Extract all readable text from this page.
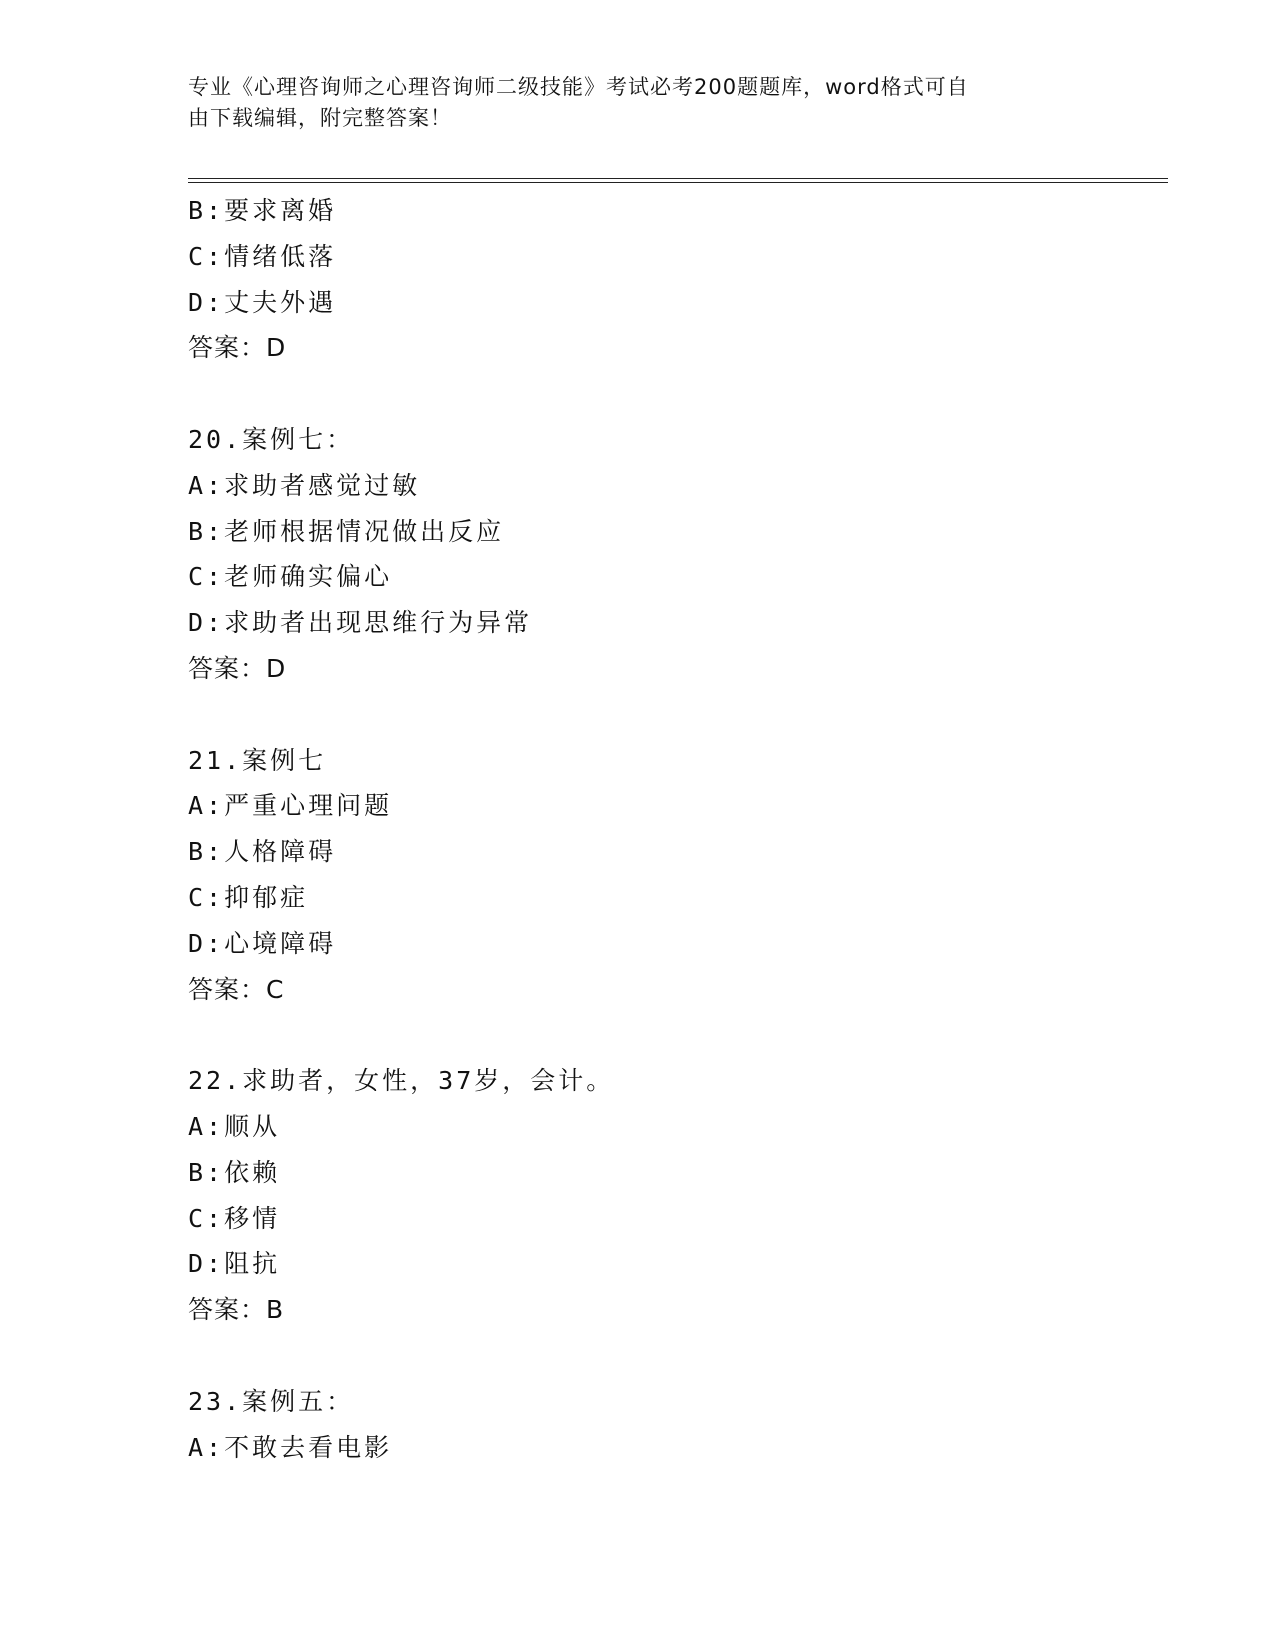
专业《心理咨询师之心理咨询师二级技能》考试必考200题题库，word格式可自
由下载编辑，附完整答案！
B:要求离婚
C:情绪低落
D:丈夫外遇
答案：D
20.案例七：
A:求助者感觉过敏
B:老师根据情况做出反应
C:老师确实偏心
D:求助者出现思维行为异常
答案：D
21.案例七
A:严重心理问题
B:人格障碍
C:抑郁症
D:心境障碍
答案：C
22.求助者，女性，37岁，会计。
A:顺从
B:依赖
C:移情
D:阻抗
答案：B
23.案例五：
A:不敢去看电影
